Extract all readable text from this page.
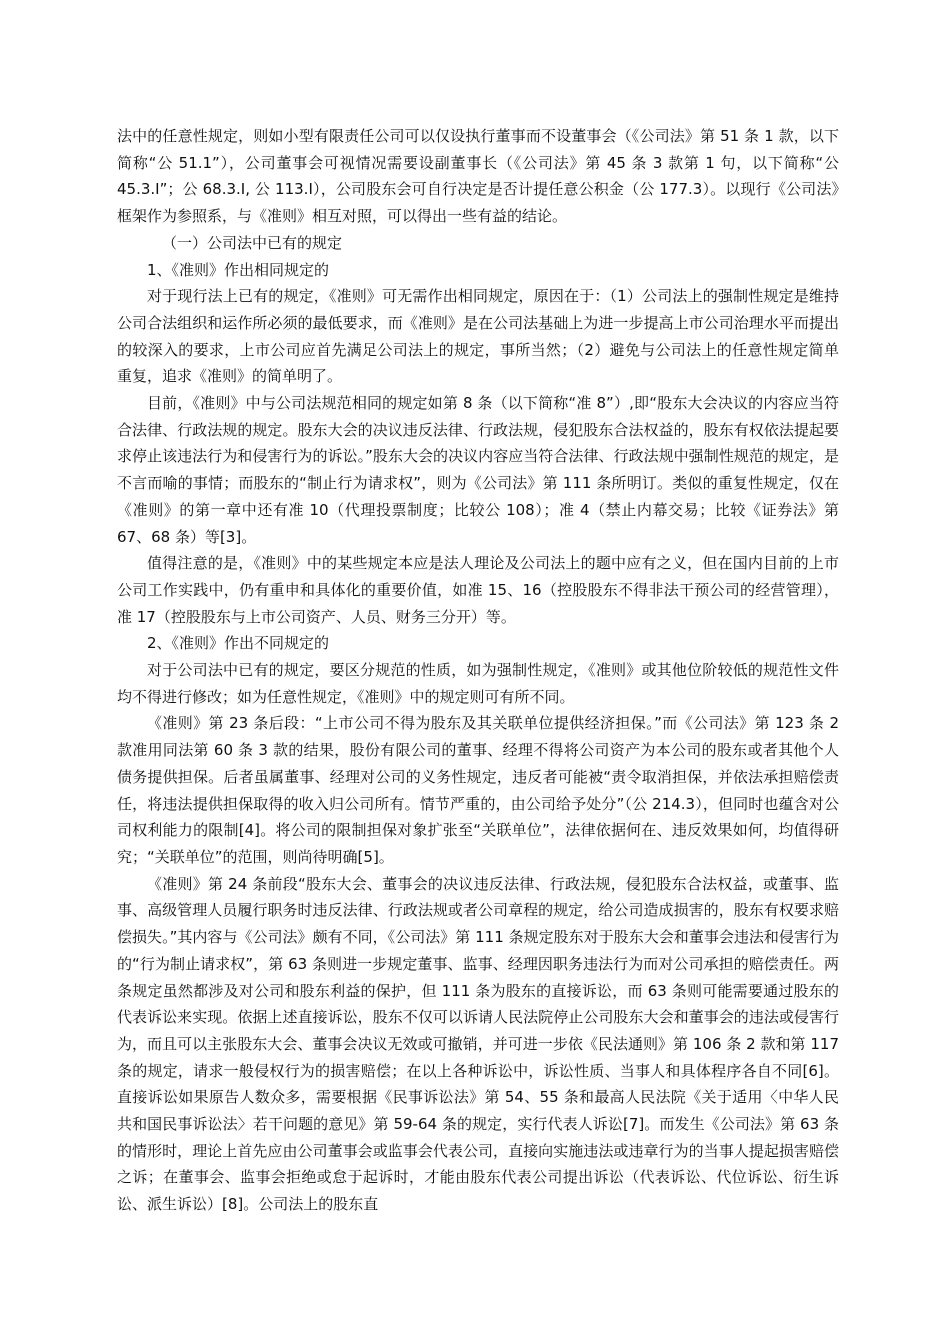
法中的任意性规定，则如小型有限责任公司可以仅设执行董事而不设董事会（《公司法》第 51 条 1 款，以下简称“公 51.1”），公司董事会可视情况需要设副董事长（《公司法》第 45 条 3 款第 1 句，以下简称“公 45.3.I”；公 68.3.I, 公 113.I），公司股东会可自行决定是否计提任意公积金（公 177.3）。以现行《公司法》框架作为参照系，与《准则》相互对照，可以得出一些有益的结论。

（一）公司法中已有的规定

1、《准则》作出相同规定的

对于现行法上已有的规定，《准则》可无需作出相同规定，原因在于：（1）公司法上的强制性规定是维持公司合法组织和运作所必须的最低要求，而《准则》是在公司法基础上为进一步提高上市公司治理水平而提出的较深入的要求，上市公司应首先满足公司法上的规定，事所当然；（2）避免与公司法上的任意性规定简单重复，追求《准则》的简单明了。

目前，《准则》中与公司法规范相同的规定如第 8 条（以下简称“准 8”）,即“股东大会决议的内容应当符合法律、行政法规的规定。股东大会的决议违反法律、行政法规，侵犯股东合法权益的，股东有权依法提起要求停止该违法行为和侵害行为的诉讼。”股东大会的决议内容应当符合法律、行政法规中强制性规范的规定，是不言而喻的事情；而股东的“制止行为请求权”，则为《公司法》第 111 条所明订。类似的重复性规定，仅在《准则》的第一章中还有准 10（代理投票制度；比较公 108）；准 4（禁止内幕交易；比较《证券法》第 67、68 条）等[3]。

值得注意的是，《准则》中的某些规定本应是法人理论及公司法上的题中应有之义，但在国内目前的上市公司工作实践中，仍有重申和具体化的重要价值，如准 15、16（控股股东不得非法干预公司的经营管理），准 17（控股股东与上市公司资产、人员、财务三分开）等。

2、《准则》作出不同规定的

对于公司法中已有的规定，要区分规范的性质，如为强制性规定，《准则》或其他位阶较低的规范性文件均不得进行修改；如为任意性规定，《准则》中的规定则可有所不同。

《准则》第 23 条后段：“上市公司不得为股东及其关联单位提供经济担保。”而《公司法》第 123 条 2 款准用同法第 60 条 3 款的结果，股份有限公司的董事、经理不得将公司资产为本公司的股东或者其他个人债务提供担保。后者虽属董事、经理对公司的义务性规定，违反者可能被“责令取消担保，并依法承担赔偿责任，将违法提供担保取得的收入归公司所有。情节严重的，由公司给予处分”（公 214.3），但同时也蕴含对公司权利能力的限制[4]。将公司的限制担保对象扩张至“关联单位”，法律依据何在、违反效果如何，均值得研究；“关联单位”的范围，则尚待明确[5]。

《准则》第 24 条前段“股东大会、董事会的决议违反法律、行政法规，侵犯股东合法权益，或董事、监事、高级管理人员履行职务时违反法律、行政法规或者公司章程的规定，给公司造成损害的，股东有权要求赔偿损失。”其内容与《公司法》颇有不同，《公司法》第 111 条规定股东对于股东大会和董事会违法和侵害行为的“行为制止请求权”，第 63 条则进一步规定董事、监事、经理因职务违法行为而对公司承担的赔偿责任。两条规定虽然都涉及对公司和股东利益的保护，但 111 条为股东的直接诉讼，而 63 条则可能需要通过股东的代表诉讼来实现。依据上述直接诉讼，股东不仅可以诉请人民法院停止公司股东大会和董事会的违法或侵害行为，而且可以主张股东大会、董事会决议无效或可撤销，并可进一步依《民法通则》第 106 条 2 款和第 117 条的规定，请求一般侵权行为的损害赔偿；在以上各种诉讼中，诉讼性质、当事人和具体程序各自不同[6]。直接诉讼如果原告人数众多，需要根据《民事诉讼法》第 54、55 条和最高人民法院《关于适用〈中华人民共和国民事诉讼法〉若干问题的意见》第 59-64 条的规定，实行代表人诉讼[7]。而发生《公司法》第 63 条的情形时，理论上首先应由公司董事会或监事会代表公司，直接向实施违法或违章行为的当事人提起损害赔偿之诉；在董事会、监事会拒绝或怠于起诉时，才能由股东代表公司提出诉讼（代表诉讼、代位诉讼、衍生诉讼、派生诉讼）[8]。公司法上的股东直
